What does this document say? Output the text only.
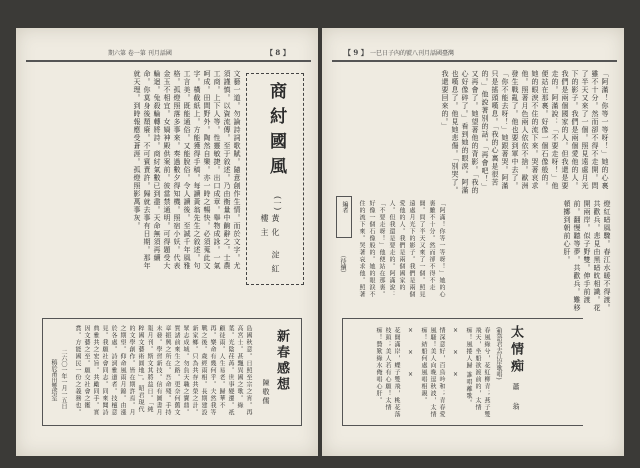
期六第 卷一第 刊月話國	【 8 】
商紂國風
(一)
黃化 淀紅樓主
文藝一道。勿論詩詞歌賦。隨意創作生情。而於文字。尤須謹慎。以資流傳。至于敘述。乃由衡量中齣辭之。士農工商。上下人等。性靈敏捷。出口成章。舉物成詠。一氣呵成。田間野外。陶然自樂。亦一時之暢快。必須蒐此文字。橫截紙上。方能獲得手稿。每讀黃翁先生之敘述。句工言美。既能通俗。又能脫俗。令人讀後。至誠千年風雅格。孤燈照落多事來。奏過數夕得知機。照宿小妖。代表金玉不相宜。女媧神殿供案前。彼當禁通明。可得題受大輪迴。兔殺輪轉將詩。商紂氣數已到盡。天命無須再續命。你莫身後頹廢。不可賓責許。歸就去事有日期。那年就天理。到時報應受蒼涯。孤燈照影萬事灰。
新春感想
陳敬儒
島國秋意。日照至宗之宵。再高宮士。甚飄異國之歌。綠葉。光陰荏苒。世事變遷。祇顧徒雨。人生易老。歸華不再。樂命有幾何乎。夫然我等戰之後。歲經雨相。長期建設新家鄉。只為共存共榮之計。眾志成城。勿負天職之寶鼎。質諸前來生之路。更奈何舊文章振興之所在。吾命殘。手持未發。學習新技。信有圖書月報月刊。斯文其將益日。「純粹國文藝術圓地」。昭君現代的文學創作。皆在期許焉。月之期望。仰命風雨月錦。由漲於各處。詩詞雅道者。技檀意見。我願社會同志。同來聞詩典雅共之宏旨。共勵同手。實因文藝之至。願交社會之鑑賞。方能國民一份之義務也。
二六〇一年一月一五日
稿於莆田雙塔室
【 9 】 一巳日子內的號八刊月話國臺灣
「阿滿！你等一等呀！」她的心裏雖不十分。然而卻不得不走開。問了半天又來了一個。照見遠處月光下的影子。我們是兩個愛他的人。我們是兩個國家的人。但我還是要走的。阿滿說：「不要走呀！」他便站在那裏。好像一個石像般的。她的眼淚不住的流下來。哭著哀求他。照著月色兩人依依不捨。歐洲發生戰亂了。他也要到軍中去了。「你不能去呀！」她跟著哭。阿滿只是搖頭嘆息。「我的心裏是很苦的。」他說著別的話。「再會吧！」又再會了。她望著他的背影。「我的心好像碎了。」看到她的眼淚。阿滿也嘆息了。他見她悲傷。「別哭了。我還要回來的。」
燈紅暗風驟。春江水暖不得渡。共歡兵。悲見由黑暗眈相識。花開兩岸。似子野雙。伸手前渡前。翻慢聽等夢。共歡兵。難移頓擲到朝前心肝。
「阿滿！你等一等呀！」她的心裏雖不十分。然而卻不得不走開。問了半天又來了一個。照見遠處月光下的影子。我們是兩個愛他的人。我們是兩個國家的人。但我還是要走的。阿滿說：「不要走呀！」他便站在那裏。好像一個石像般的。她的眼淚不住的流下來。哭著哀求他。照著
編者
（待續）
太情痴
(想語君去江岸歌唱)
蕭 翁
春風綠兮，花紅柳青；燕子雙飛天，坐船欲渡前的，太情痴！風捲人歸 誰唱離歌。
×　　×　　×
情深意好，百鳥吟和；青春愛風騷！美人向晚逗秋波，太情痴！結船何處風唱相親。
×　　×　　×
花開滿岸，蝶子雙飛，桃花落枝頭；美人若有心願！太情痴！贊歎綠水俺唱心肝。
